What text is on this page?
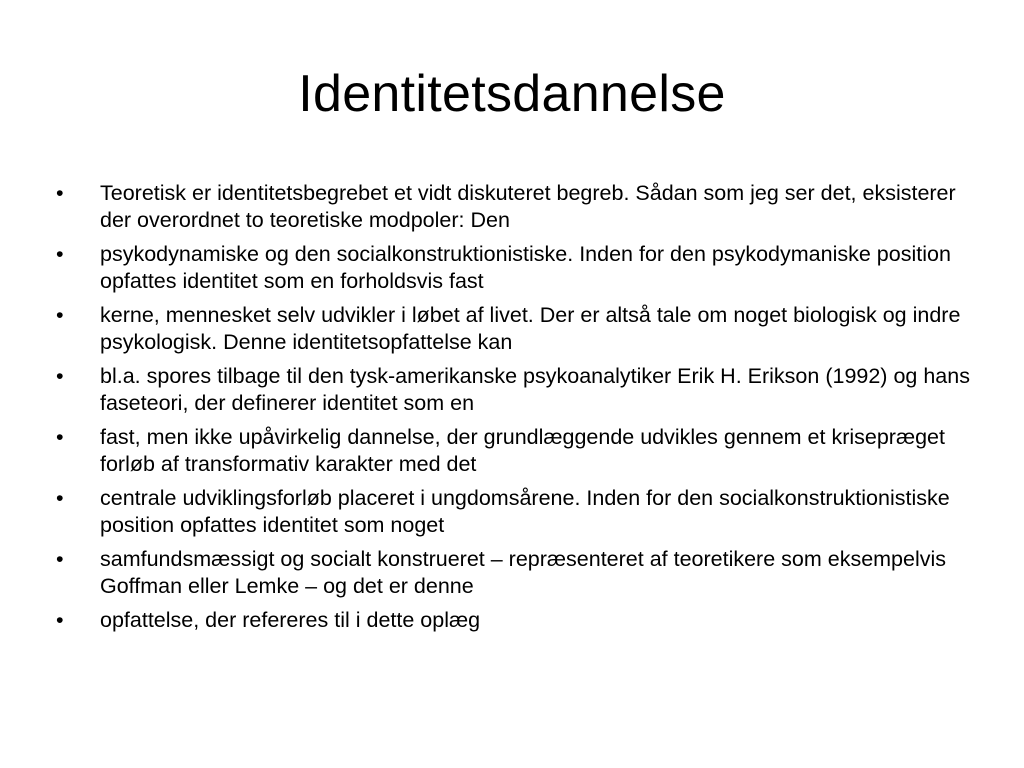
Identitetsdannelse
•	Teoretisk er identitetsbegrebet et vidt diskuteret begreb. Sådan som jeg ser det, eksisterer der overordnet to teoretiske modpoler: Den
•	psykodynamiske og den socialkonstruktionistiske. Inden for den psykodymaniske position opfattes identitet som en forholdsvis fast
•	kerne, mennesket selv udvikler i løbet af livet. Der er altså tale om noget biologisk og indre psykologisk. Denne identitetsopfattelse kan
•	bl.a. spores tilbage til den tysk-amerikanske psykoanalytiker Erik H. Erikson (1992) og hans faseteori, der definerer identitet som en
•	fast, men ikke upåvirkelig dannelse, der grundlæggende udvikles gennem et krisepræget forløb af transformativ karakter med det
•	centrale udviklingsforløb placeret i ungdomsårene. Inden for den socialkonstruktionistiske position opfattes identitet som noget
•	samfundsmæssigt og socialt konstrueret – repræsenteret af teoretikere som eksempelvis Goffman eller Lemke – og det er denne
•	opfattelse, der refereres til i dette oplæg
